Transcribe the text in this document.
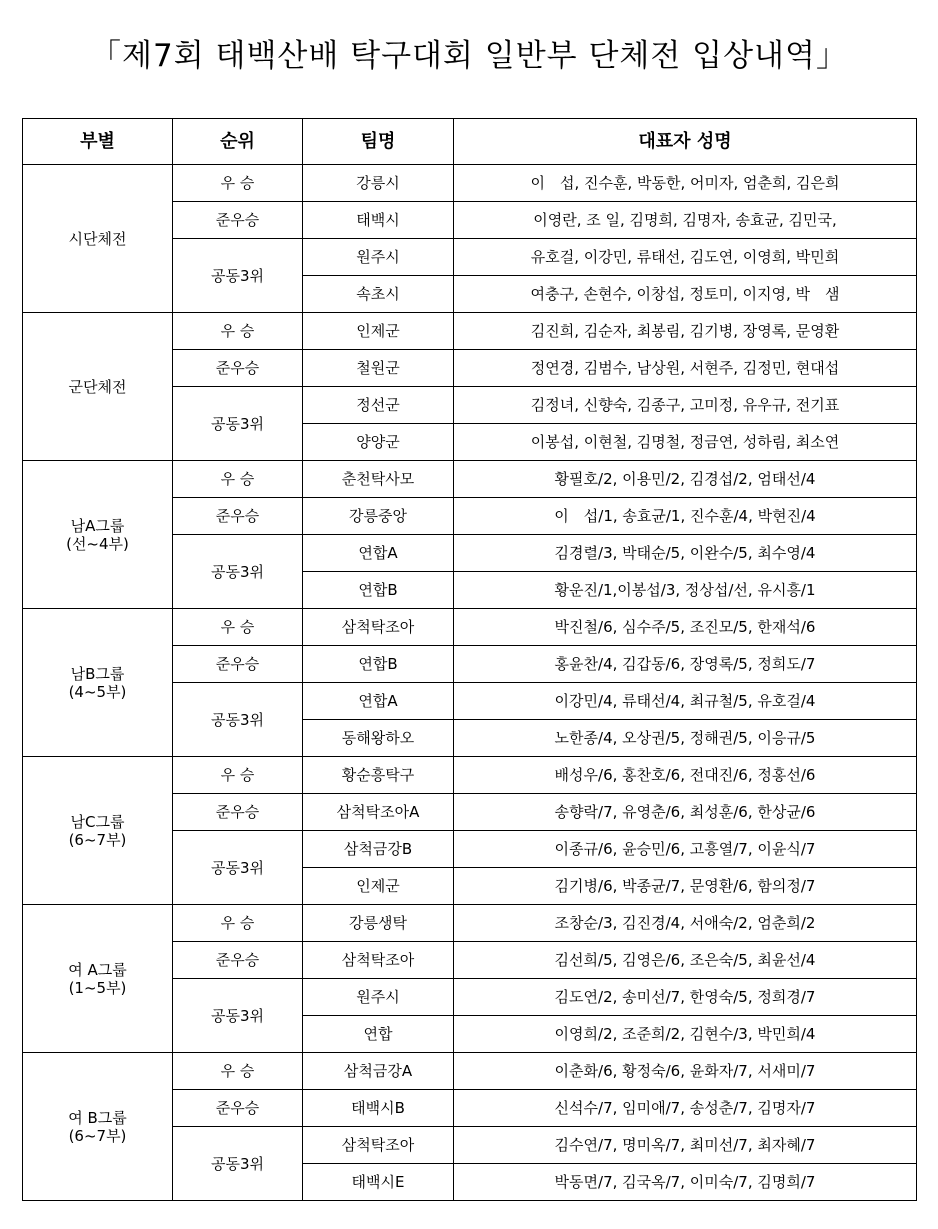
「제7회 태백산배 탁구대회 일반부 단체전 입상내역」
부별	순위	팀명	대표자 성명

시단체전	우 승	강릉시	이　섭, 진수훈, 박동한, 어미자, 엄춘희, 김은희
	준우승	태백시	이영란, 조 일, 김명희, 김명자, 송효균, 김민국,
	공동3위	원주시	유호걸, 이강민, 류태선, 김도연, 이영희, 박민희
		속초시	여충구, 손현수, 이창섭, 정토미, 이지영, 박　샘

군단체전	우 승	인제군	김진희, 김순자, 최봉림, 김기병, 장영록, 문영환
	준우승	철원군	정연경, 김범수, 남상원, 서현주, 김정민, 현대섭
	공동3위	정선군	김정녀, 신향숙, 김종구, 고미정, 유우규, 전기표
		양양군	이봉섭, 이현철, 김명철, 정금연, 성하림, 최소연

남A그룹
(선~4부)	우 승	춘천탁사모	황필호/2, 이용민/2, 김경섭/2, 엄태선/4
	준우승	강릉중앙	이　섭/1, 송효균/1, 진수훈/4, 박현진/4
	공동3위	연합A	김경렬/3, 박태순/5, 이완수/5, 최수영/4
		연합B	황운진/1,이봉섭/3, 정상섭/선, 유시흥/1

남B그룹
(4~5부)	우 승	삼척탁조아	박진철/6, 심수주/5, 조진모/5, 한재석/6
	준우승	연합B	홍윤찬/4, 김갑동/6, 장영록/5, 정희도/7
	공동3위	연합A	이강민/4, 류태선/4, 최규철/5, 유호걸/4
		동해왕하오	노한종/4, 오상권/5, 정해권/5, 이응규/5

남C그룹
(6~7부)	우 승	황순흥탁구	배성우/6, 홍찬호/6, 전대진/6, 정홍선/6
	준우승	삼척탁조아A	송향락/7, 유영춘/6, 최성훈/6, 한상균/6
	공동3위	삼척금강B	이종규/6, 윤승민/6, 고흥열/7, 이윤식/7
		인제군	김기병/6, 박종균/7, 문영환/6, 함의정/7

여 A그룹
(1~5부)	우 승	강릉생탁	조창순/3, 김진경/4, 서애숙/2, 엄춘희/2
	준우승	삼척탁조아	김선희/5, 김영은/6, 조은숙/5, 최윤선/4
	공동3위	원주시	김도연/2, 송미선/7, 한영숙/5, 정희경/7
		연합	이영희/2, 조준희/2, 김현수/3, 박민희/4

여 B그룹
(6~7부)	우 승	삼척금강A	이춘화/6, 황정숙/6, 윤화자/7, 서새미/7
	준우승	태백시B	신석수/7, 임미애/7, 송성춘/7, 김명자/7
	공동3위	삼척탁조아	김수연/7, 명미옥/7, 최미선/7, 최자혜/7
		태백시E	박동면/7, 김국옥/7, 이미숙/7, 김명희/7
